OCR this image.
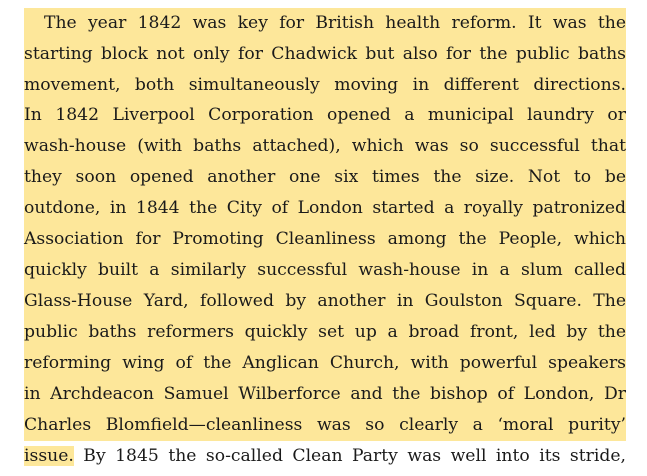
The year 1842 was key for British health reform. It was the
starting block not only for Chadwick but also for the public baths
movement, both simultaneously moving in different directions.
In 1842 Liverpool Corporation opened a municipal laundry or
wash-house (with baths attached), which was so successful that
they soon opened another one six times the size. Not to be
outdone, in 1844 the City of London started a royally patronized
Association for Promoting Cleanliness among the People, which
quickly built a similarly successful wash-house in a slum called
Glass-House Yard, followed by another in Goulston Square. The
public baths reformers quickly set up a broad front, led by the
reforming wing of the Anglican Church, with powerful speakers
in Archdeacon Samuel Wilberforce and the bishop of London, Dr
Charles Blomfield—cleanliness was so clearly a ‘moral purity’
issue. By 1845 the so-called Clean Party was well into its stride,
